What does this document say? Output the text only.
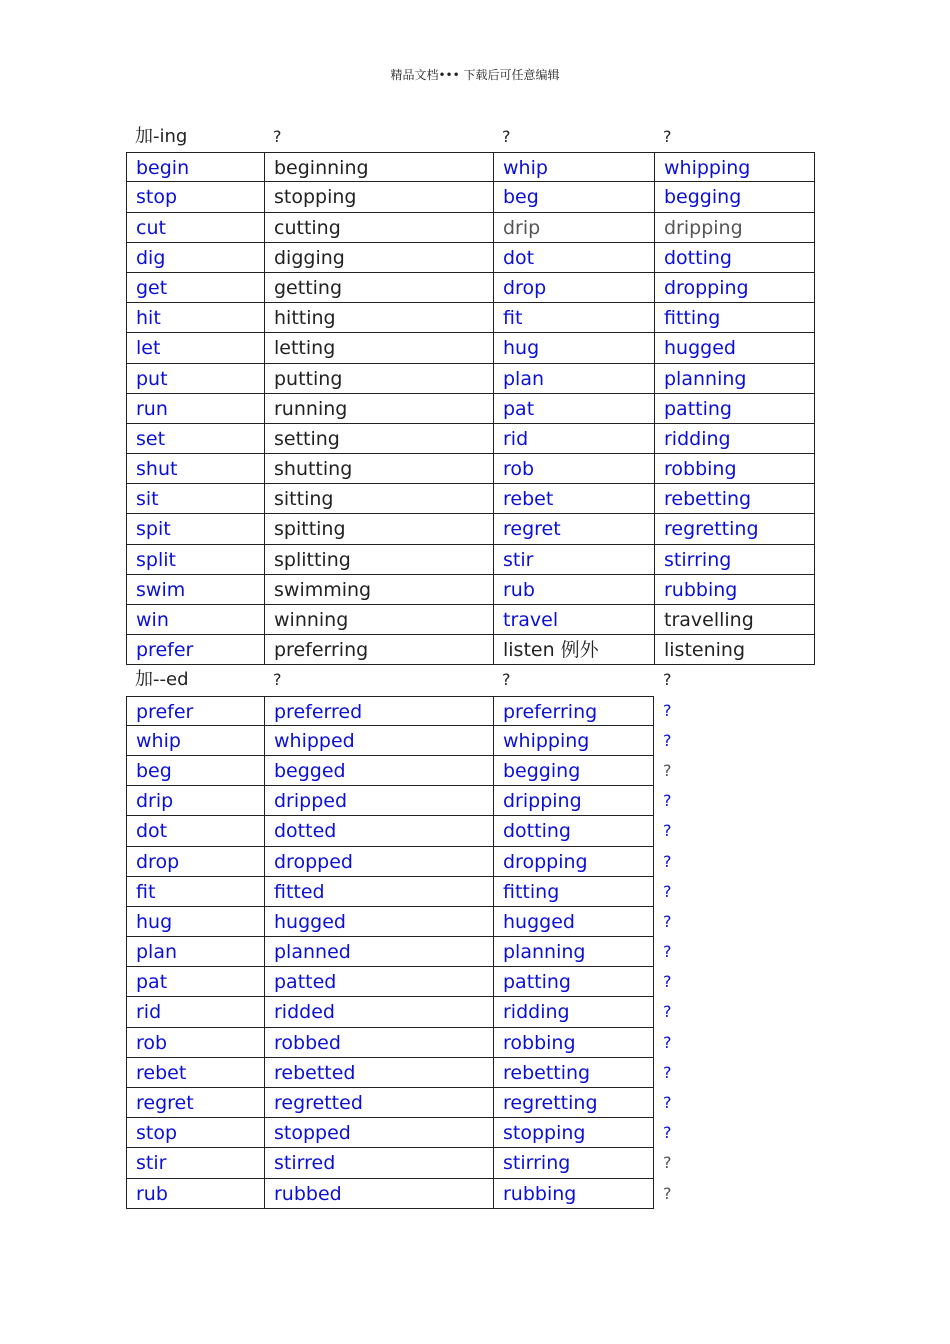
精品文档••• 下载后可任意编辑
加-ing	?	?	?
begin	beginning	whip	whipping
stop	stopping	beg	begging
cut	cutting	drip	dripping
dig	digging	dot	dotting
get	getting	drop	dropping
hit	hitting	fit	fitting
let	letting	hug	hugged
put	putting	plan	planning
run	running	pat	patting
set	setting	rid	ridding
shut	shutting	rob	robbing
sit	sitting	rebet	rebetting
spit	spitting	regret	regretting
split	splitting	stir	stirring
swim	swimming	rub	rubbing
win	winning	travel	travelling
prefer	preferring	listen 例外	listening
加--ed	?	?	?
prefer	preferred	preferring	?
whip	whipped	whipping	?
beg	begged	begging	?
drip	dripped	dripping	?
dot	dotted	dotting	?
drop	dropped	dropping	?
fit	fitted	fitting	?
hug	hugged	hugged	?
plan	planned	planning	?
pat	patted	patting	?
rid	ridded	ridding	?
rob	robbed	robbing	?
rebet	rebetted	rebetting	?
regret	regretted	regretting	?
stop	stopped	stopping	?
stir	stirred	stirring	?
rub	rubbed	rubbing	?
